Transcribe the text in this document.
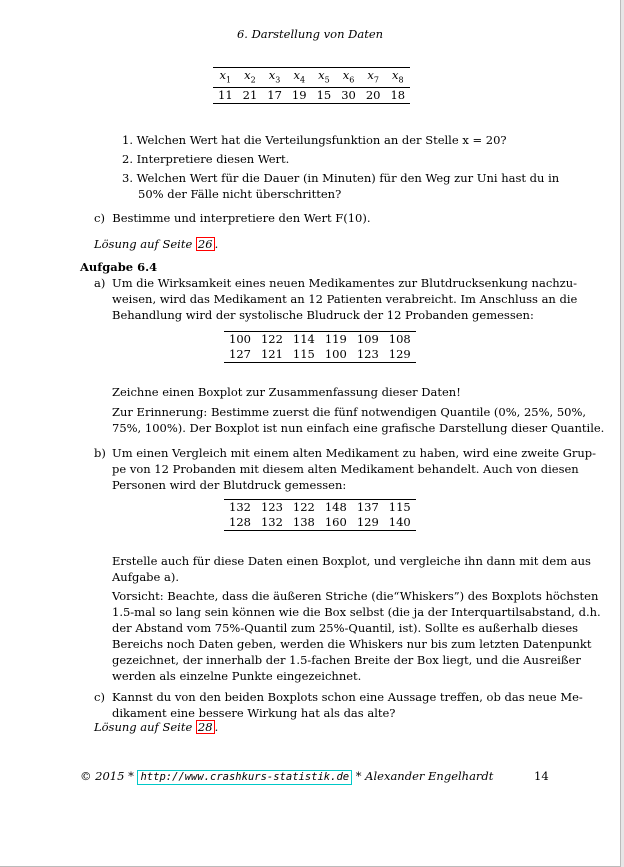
6. Darstellung von Daten
$x_1$	$x_2$	$x_3$	$x_4$	$x_5$	$x_6$	$x_7$	$x_8$
11	21	17	19	15	30	20	18
1. Welchen Wert hat die Verteilungsfunktion an der Stelle x = 20?
2. Interpretiere diesen Wert.
3. Welchen Wert für die Dauer (in Minuten) für den Weg zur Uni hast du in
50% der Fälle nicht überschritten?
c) Bestimme und interpretiere den Wert F(10).
Lösung auf Seite 26 .
Aufgabe 6.4
a) Um die Wirksamkeit eines neuen Medikamentes zur Blutdrucksenkung nachzu-
weisen, wird das Medikament an 12 Patienten verabreicht. Im Anschluss an die
Behandlung wird der systolische Bludruck der 12 Probanden gemessen:
100	122	114	119	109	108
127	121	115	100	123	129
Zeichne einen Boxplot zur Zusammenfassung dieser Daten!
Zur Erinnerung: Bestimme zuerst die fünf notwendigen Quantile (0%, 25%, 50%,
75%, 100%). Der Boxplot ist nun einfach eine grafische Darstellung dieser Quantile.
b) Um einen Vergleich mit einem alten Medikament zu haben, wird eine zweite Grup-
pe von 12 Probanden mit diesem alten Medikament behandelt. Auch von diesen
Personen wird der Blutdruck gemessen:
132	123	122	148	137	115
128	132	138	160	129	140
Erstelle auch für diese Daten einen Boxplot, und vergleiche ihn dann mit dem aus
Aufgabe a).
Vorsicht: Beachte, dass die äußeren Striche (die“Whiskers”) des Boxplots höchsten
1.5-mal so lang sein können wie die Box selbst (die ja der Interquartilsabstand, d.h.
der Abstand vom 75%-Quantil zum 25%-Quantil, ist). Sollte es außerhalb dieses
Bereichs noch Daten geben, werden die Whiskers nur bis zum letzten Datenpunkt
gezeichnet, der innerhalb der 1.5-fachen Breite der Box liegt, und die Ausreißer
werden als einzelne Punkte eingezeichnet.
c) Kannst du von den beiden Boxplots schon eine Aussage treffen, ob das neue Me-
dikament eine bessere Wirkung hat als das alte?
Lösung auf Seite 28 .
© 2015 * http://www.crashkurs-statistik.de * Alexander Engelhardt	14
